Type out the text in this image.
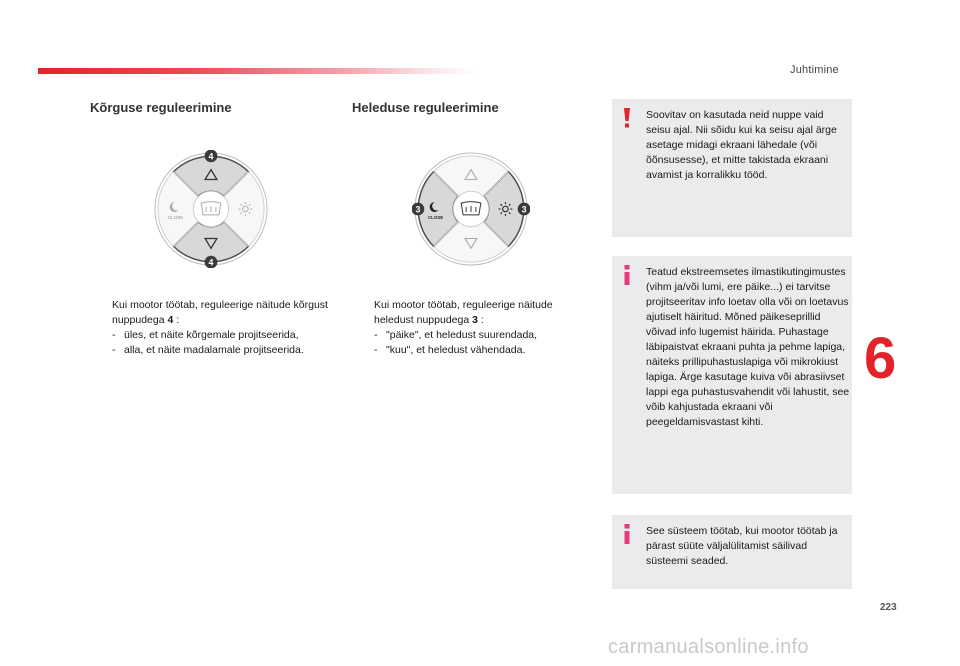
Juhtimine
Kõrguse reguleerimine	Heleduse reguleerimine
CLOSE
4
4
CLOSE
3	3
Kui mootor töötab, reguleerige näitude kõrgust nuppudega 4 :
- üles, et näite kõrgemale projitseerida,
- alla, et näite madalamale projitseerida.
Kui mootor töötab, reguleerige näitude heledust nuppudega 3 :
- "päike", et heledust suurendada,
- "kuu", et heledust vähendada.
Soovitav on kasutada neid nuppe vaid seisu ajal. Nii sõidu kui ka seisu ajal ärge asetage midagi ekraani lähedale (või õõnsusesse), et mitte takistada ekraani avamist ja korralikku tööd.
Teatud ekstreemsetes ilmastikutingimustes (vihm ja/või lumi, ere päike...) ei tarvitse projitseeritav info loetav olla või on loetavus ajutiselt häiritud. Mõned päikeseprillid võivad info lugemist häirida. Puhastage läbipaistvat ekraani puhta ja pehme lapiga, näiteks prillipuhastuslapiga või mikrokiust lapiga. Ärge kasutage kuiva või abrasiivset lappi ega puhastusvahendit või lahustit, see võib kahjustada ekraani või peegeldamisvastast kihti.
See süsteem töötab, kui mootor töötab ja pärast süüte väljalülitamist säilivad süsteemi seaded.
6
223
carmanualsonline.info
